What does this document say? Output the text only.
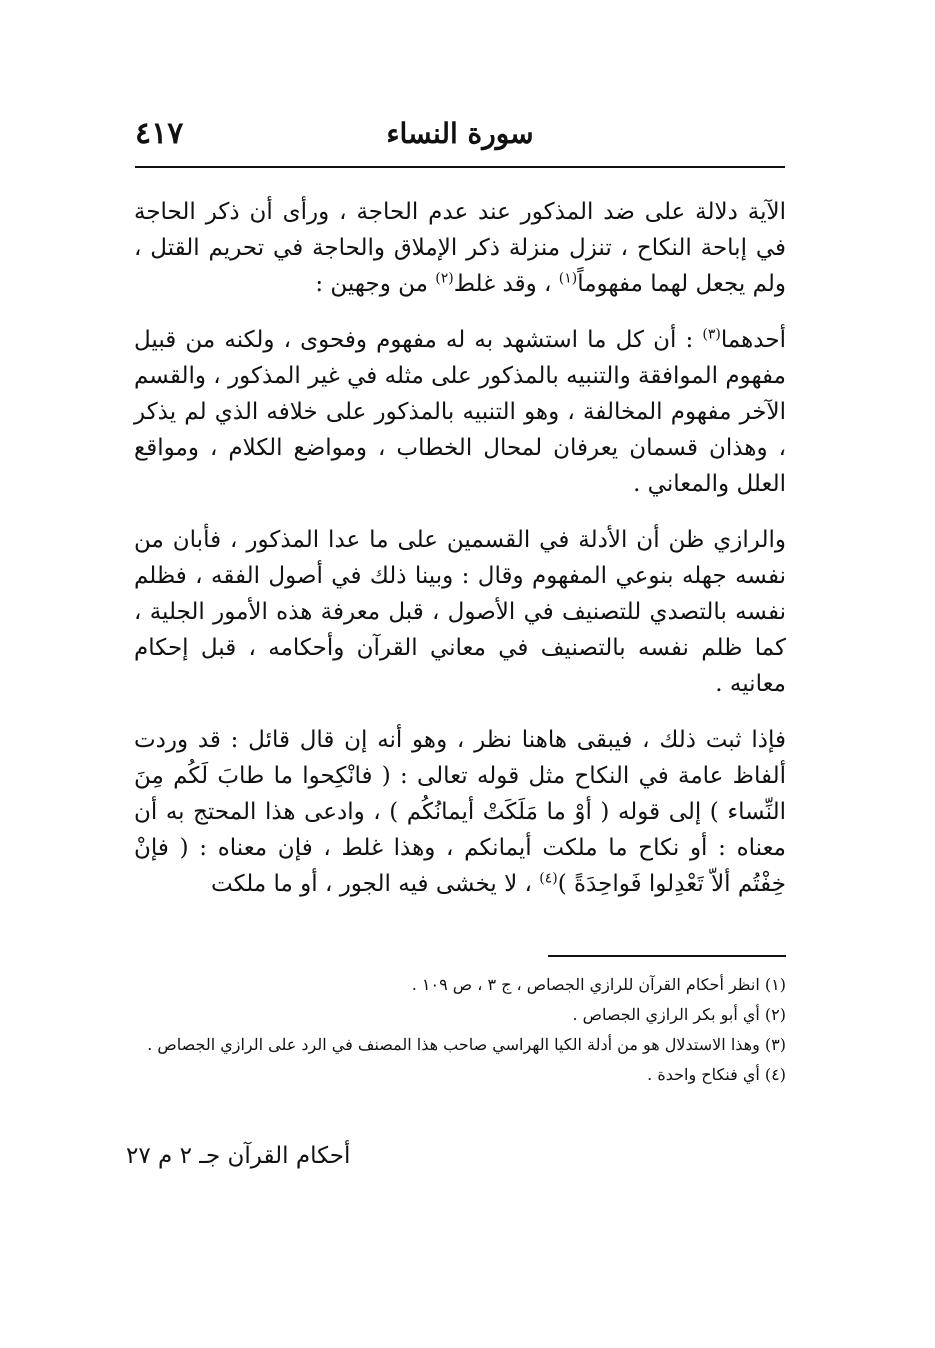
٤١٧	سورة النساء

الآية دلالة على ضد المذكور عند عدم الحاجة ، ورأى أن ذكر الحاجة في إباحة النكاح ، تنزل منزلة ذكر الإملاق والحاجة في تحريم القتل ، ولم يجعل لهما مفهوماً$^{(١)}$ ، وقد غلط$^{(٢)}$ من وجهين :

أحدهما$^{(٣)}$ : أن كل ما استشهد به له مفهوم وفحوى ، ولكنه من قبيل مفهوم الموافقة والتنبيه بالمذكور على مثله في غير المذكور ، والقسم الآخر مفهوم المخالفة ، وهو التنبيه بالمذكور على خلافه الذي لم يذكر ، وهذان قسمان يعرفان لمحال الخطاب ، ومواضع الكلام ، ومواقع العلل والمعاني .

والرازي ظن أن الأدلة في القسمين على ما عدا المذكور ، فأبان من نفسه جهله بنوعي المفهوم وقال : وبينا ذلك في أصول الفقه ، فظلم نفسه بالتصدي للتصنيف في الأصول ، قبل معرفة هذه الأمور الجلية ، كما ظلم نفسه بالتصنيف في معاني القرآن وأحكامه ، قبل إحكام معانيه .

فإذا ثبت ذلك ، فيبقى هاهنا نظر ، وهو أنه إن قال قائل : قد وردت ألفاظ عامة في النكاح مثل قوله تعالى : ( فانْكِحوا ما طابَ لَكُم مِنَ النِّساء ) إلى قوله ( أوْ ما مَلَكَتْ أيمانُكُم ) ، وادعى هذا المحتج به أن معناه : أو نكاح ما ملكت أيمانكم ، وهذا غلط ، فإن معناه : ( فإنْ خِفْتُم ألاّ تَعْدِلوا فَواحِدَةً )$^{(٤)}$ ، لا يخشى فيه الجور ، أو ما ملكت

(١) انظر أحكام القرآن للرازي الجصاص ، ج ٣ ، ص ١٠٩ .

(٢) أي أبو بكر الرازي الجصاص .

(٣) وهذا الاستدلال هو من أدلة الكيا الهراسي صاحب هذا المصنف في الرد على الرازي الجصاص .

(٤) أي فنكاح واحدة .

أحكام القرآن جـ ٢ م ٢٧
